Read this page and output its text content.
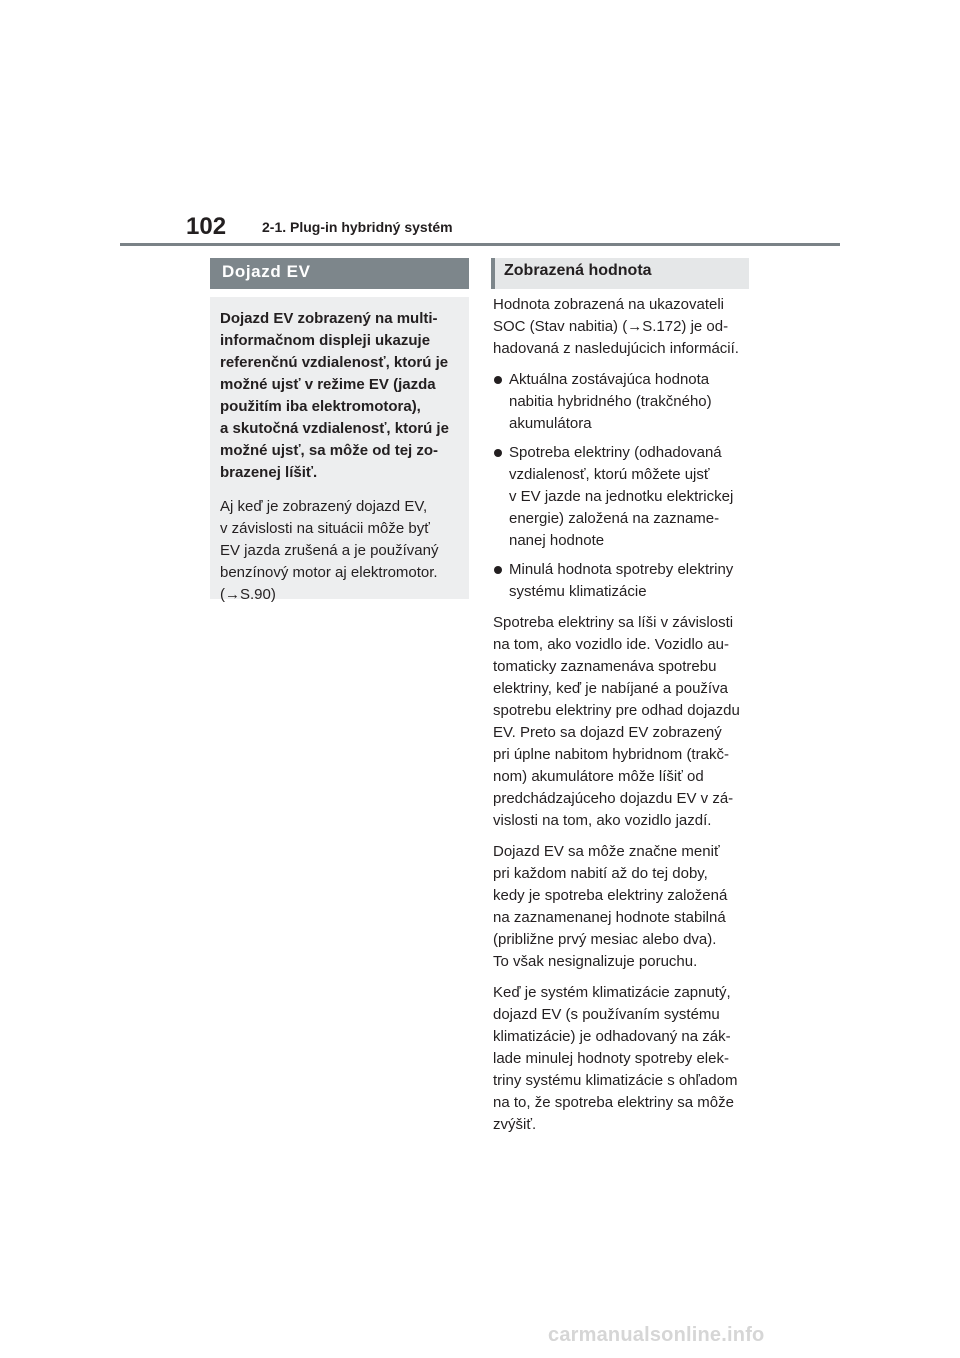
102	2-1. Plug-in hybridný systém
Dojazd EV

Dojazd EV zobrazený na multi-
informačnom displeji ukazuje
referenčnú vzdialenosť, ktorú je
možné ujsť v režime EV (jazda
použitím iba elektromotora),
a skutočná vzdialenosť, ktorú je
možné ujsť, sa môže od tej zo-
brazenej líšiť.

Aj keď je zobrazený dojazd EV,
v závislosti na situácii môže byť
EV jazda zrušená a je používaný
benzínový motor aj elektromotor.
(→S.90)

Zobrazená hodnota

Hodnota zobrazená na ukazovateli
SOC (Stav nabitia) (→S.172) je od-
hadovaná z nasledujúcich informácií.

Aktuálna zostávajúca hodnota
nabitia hybridného (trakčného)
akumulátora
Spotreba elektriny (odhadovaná
vzdialenosť, ktorú môžete ujsť
v EV jazde na jednotku elektrickej
energie) založená na zazname-
nanej hodnote
Minulá hodnota spotreby elektriny
systému klimatizácie

Spotreba elektriny sa líši v závislosti
na tom, ako vozidlo ide. Vozidlo au-
tomaticky zaznamenáva spotrebu
elektriny, keď je nabíjané a používa
spotrebu elektriny pre odhad dojazdu
EV. Preto sa dojazd EV zobrazený
pri úplne nabitom hybridnom (trakč-
nom) akumulátore môže líšiť od
predchádzajúceho dojazdu EV v zá-
vislosti na tom, ako vozidlo jazdí.

Dojazd EV sa môže značne meniť
pri každom nabití až do tej doby,
kedy je spotreba elektriny založená
na zaznamenanej hodnote stabilná
(približne prvý mesiac alebo dva).
To však nesignalizuje poruchu.

Keď je systém klimatizácie zapnutý,
dojazd EV (s používaním systému
klimatizácie) je odhadovaný na zák-
lade minulej hodnoty spotreby elek-
triny systému klimatizácie s ohľadom
na to, že spotreba elektriny sa môže
zvýšiť.

carmanualsonline.info
